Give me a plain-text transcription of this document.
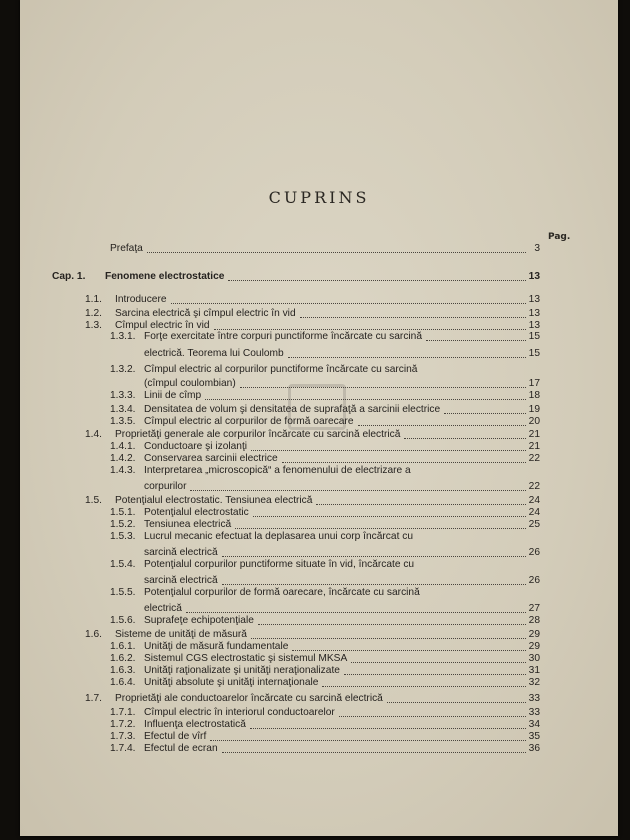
CUPRINS
Pag.
Prefaţa	3
Cap. 1. Fenomene electrostatice	13
1.1. Introducere	13
1.2. Sarcina electrică şi cîmpul electric în vid	13
1.3. Cîmpul electric în vid	13
1.3.1. Forţe exercitate între corpuri punctiforme încărcate cu sarcină	15
electrică. Teorema lui Coulomb	15
1.3.2. Cîmpul electric al corpurilor punctiforme încărcate cu sarcină
(cîmpul coulombian)	17
1.3.3. Linii de cîmp	18
1.3.4. Densitatea de volum şi densitatea de suprafaţă a sarcinii electrice	19
1.3.5. Cîmpul electric al corpurilor de formă oarecare	20
1.4. Proprietăţi generale ale corpurilor încărcate cu sarcină electrică	21
1.4.1. Conductoare şi izolanţi	21
1.4.2. Conservarea sarcinii electrice	22
1.4.3. Interpretarea „microscopică“ a fenomenului de electrizare a
corpurilor	22
1.5. Potenţialul electrostatic. Tensiunea electrică	24
1.5.1. Potenţialul electrostatic	24
1.5.2. Tensiunea electrică	25
1.5.3. Lucrul mecanic efectuat la deplasarea unui corp încărcat cu
sarcină electrică	26
1.5.4. Potenţialul corpurilor punctiforme situate în vid, încărcate cu
sarcină electrică	26
1.5.5. Potenţialul corpurilor de formă oarecare, încărcate cu sarcină
electrică	27
1.5.6. Suprafeţe echipotenţiale	28
1.6. Sisteme de unităţi de măsură	29
1.6.1. Unităţi de măsură fundamentale	29
1.6.2. Sistemul CGS electrostatic şi sistemul MKSA	30
1.6.3. Unităţi raţionalizate şi unităţi neraţionalizate	31
1.6.4. Unităţi absolute şi unităţi internaţionale	32
1.7. Proprietăţi ale conductoarelor încărcate cu sarcină electrică	33
1.7.1. Cîmpul electric în interiorul conductoarelor	33
1.7.2. Influenţa electrostatică	34
1.7.3. Efectul de vîrf	35
1.7.4. Efectul de ecran	36
